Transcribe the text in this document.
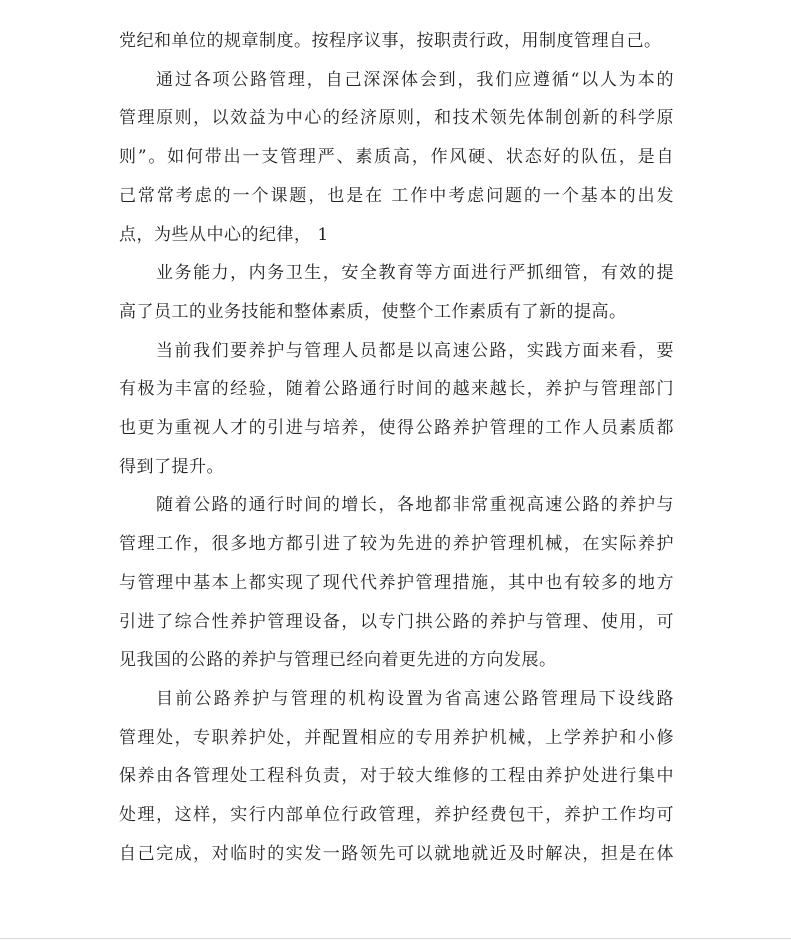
党纪和单位的规章制度。按程序议事，按职责行政，用制度管理自己。
通过各项公路管理，自己深深体会到，我们应遵循“以人为本的
管理原则，以效益为中心的经济原则，和技术领先体制创新的科学原
则”。如何带出一支管理严、素质高，作风硬、状态好的队伍，是自
己常常考虑的一个课题，也是在 工作中考虑问题的一个基本的出发
点，为些从中心的纪律， 1
业务能力，内务卫生，安全教育等方面进行严抓细管，有效的提
高了员工的业务技能和整体素质，使整个工作素质有了新的提高。
当前我们要养护与管理人员都是以高速公路，实践方面来看，要
有极为丰富的经验，随着公路通行时间的越来越长，养护与管理部门
也更为重视人才的引进与培养，使得公路养护管理的工作人员素质都
得到了提升。
随着公路的通行时间的增长，各地都非常重视高速公路的养护与
管理工作，很多地方都引进了较为先进的养护管理机械，在实际养护
与管理中基本上都实现了现代代养护管理措施，其中也有较多的地方
引进了综合性养护管理设备，以专门拱公路的养护与管理、使用，可
见我国的公路的养护与管理已经向着更先进的方向发展。
目前公路养护与管理的机构设置为省高速公路管理局下设线路
管理处，专职养护处，并配置相应的专用养护机械，上学养护和小修
保养由各管理处工程科负责，对于较大维修的工程由养护处进行集中
处理，这样，实行内部单位行政管理，养护经费包干，养护工作均可
自己完成，对临时的实发一路领先可以就地就近及时解决，担是在体
